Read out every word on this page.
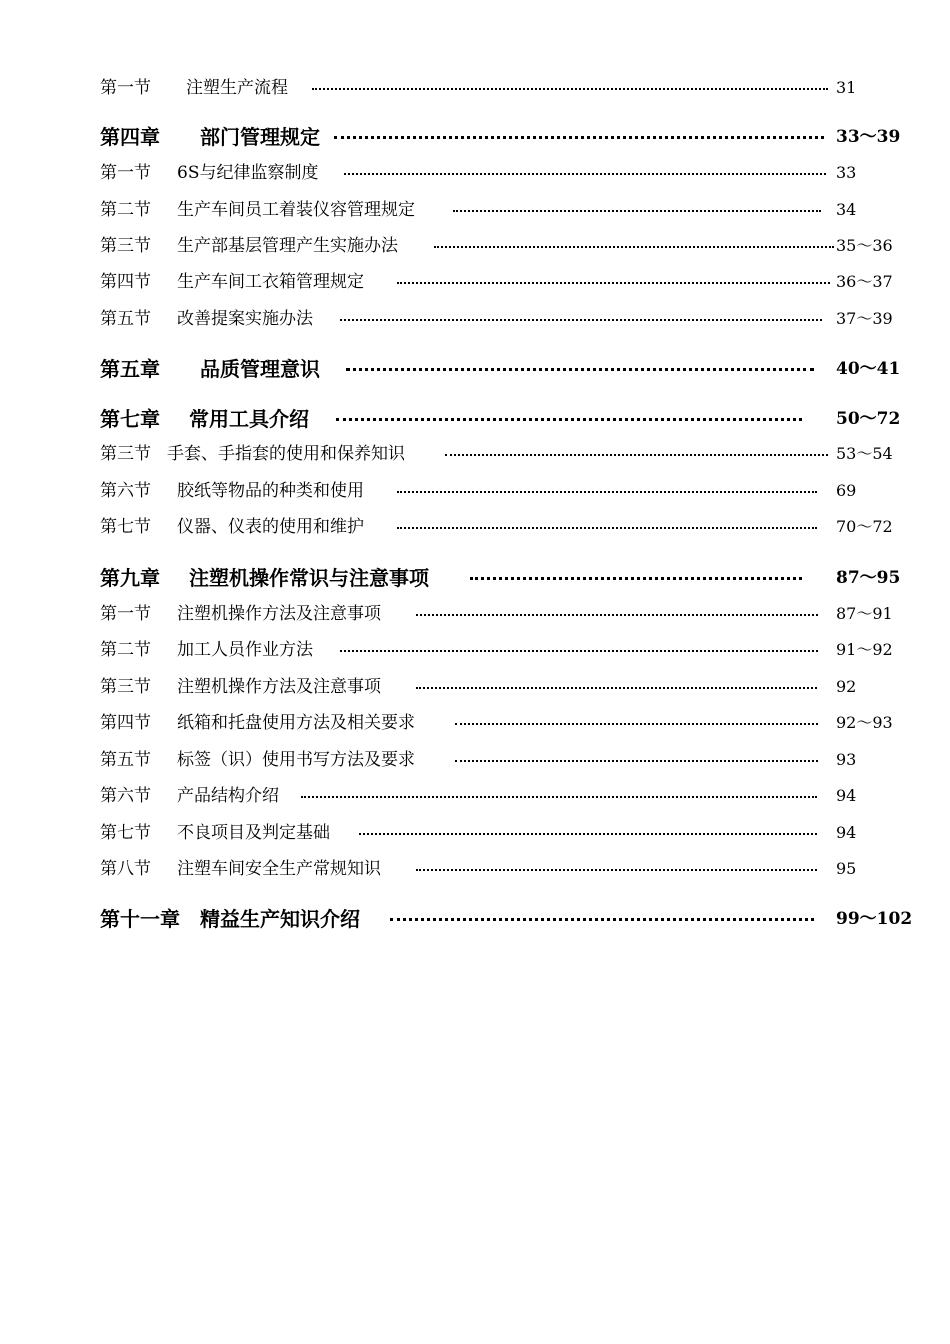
第一节 注塑生产流程	31
第四章 部门管理规定	33～39
第一节 6S与纪律监察制度	33
第二节 生产车间员工着装仪容管理规定	34
第三节 生产部基层管理产生实施办法	35～36
第四节 生产车间工衣箱管理规定	36～37
第五节 改善提案实施办法	37～39
第五章 品质管理意识	40～41
第七章 常用工具介绍	50～72
第三节 手套、手指套的使用和保养知识	53～54
第六节 胶纸等物品的种类和使用	69
第七节 仪器、仪表的使用和维护	70～72
第九章 注塑机操作常识与注意事项	87～95
第一节 注塑机操作方法及注意事项	87～91
第二节 加工人员作业方法	91～92
第三节 注塑机操作方法及注意事项	92
第四节 纸箱和托盘使用方法及相关要求	92～93
第五节 标签（识）使用书写方法及要求	93
第六节 产品结构介绍	94
第七节 不良项目及判定基础	94
第八节 注塑车间安全生产常规知识	95
第十一章 精益生产知识介绍	99～102
